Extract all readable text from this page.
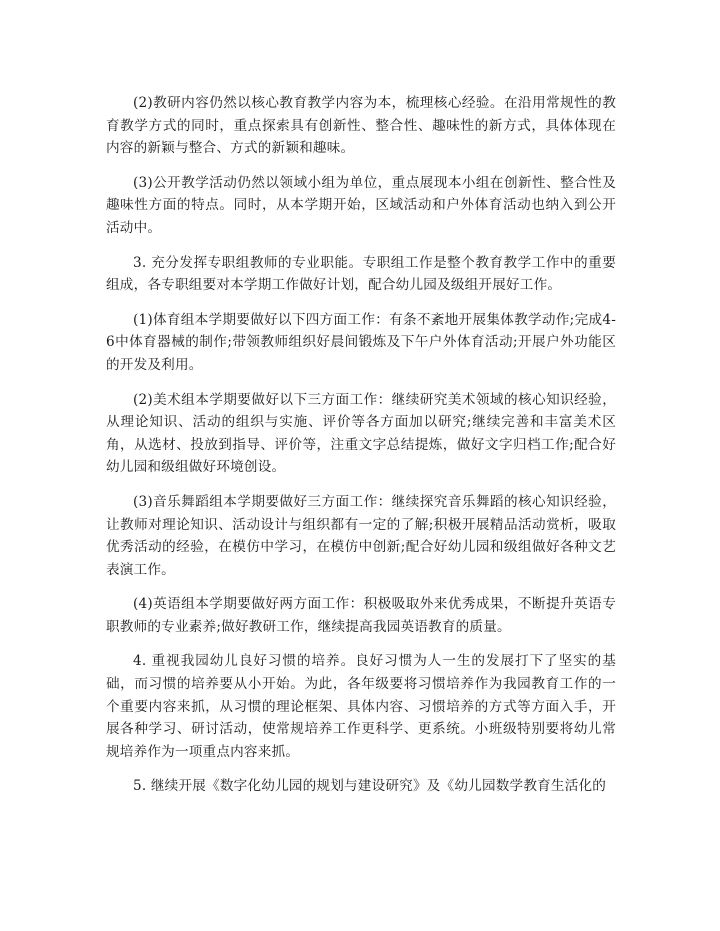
(2)教研内容仍然以核心教育教学内容为本，梳理核心经验。在沿用常规性的教育教学方式的同时，重点探索具有创新性、整合性、趣味性的新方式，具体体现在内容的新颖与整合、方式的新颖和趣味。

(3)公开教学活动仍然以领域小组为单位，重点展现本小组在创新性、整合性及趣味性方面的特点。同时，从本学期开始，区域活动和户外体育活动也纳入到公开活动中。

3. 充分发挥专职组教师的专业职能。专职组工作是整个教育教学工作中的重要组成，各专职组要对本学期工作做好计划，配合幼儿园及级组开展好工作。

(1)体育组本学期要做好以下四方面工作：有条不紊地开展集体教学动作;完成4-6中体育器械的制作;带领教师组织好晨间锻炼及下午户外体育活动;开展户外功能区的开发及利用。

(2)美术组本学期要做好以下三方面工作：继续研究美术领域的核心知识经验，从理论知识、活动的组织与实施、评价等各方面加以研究;继续完善和丰富美术区角，从选材、投放到指导、评价等，注重文字总结提炼，做好文字归档工作;配合好幼儿园和级组做好环境创设。

(3)音乐舞蹈组本学期要做好三方面工作：继续探究音乐舞蹈的核心知识经验，让教师对理论知识、活动设计与组织都有一定的了解;积极开展精品活动赏析，吸取优秀活动的经验，在模仿中学习，在模仿中创新;配合好幼儿园和级组做好各种文艺表演工作。

(4)英语组本学期要做好两方面工作：积极吸取外来优秀成果，不断提升英语专职教师的专业素养;做好教研工作，继续提高我园英语教育的质量。

4. 重视我园幼儿良好习惯的培养。良好习惯为人一生的发展打下了坚实的基础，而习惯的培养要从小开始。为此，各年级要将习惯培养作为我园教育工作的一个重要内容来抓，从习惯的理论框架、具体内容、习惯培养的方式等方面入手，开展各种学习、研讨活动，使常规培养工作更科学、更系统。小班级特别要将幼儿常规培养作为一项重点内容来抓。

5. 继续开展《数字化幼儿园的规划与建设研究》及《幼儿园数学教育生活化的
